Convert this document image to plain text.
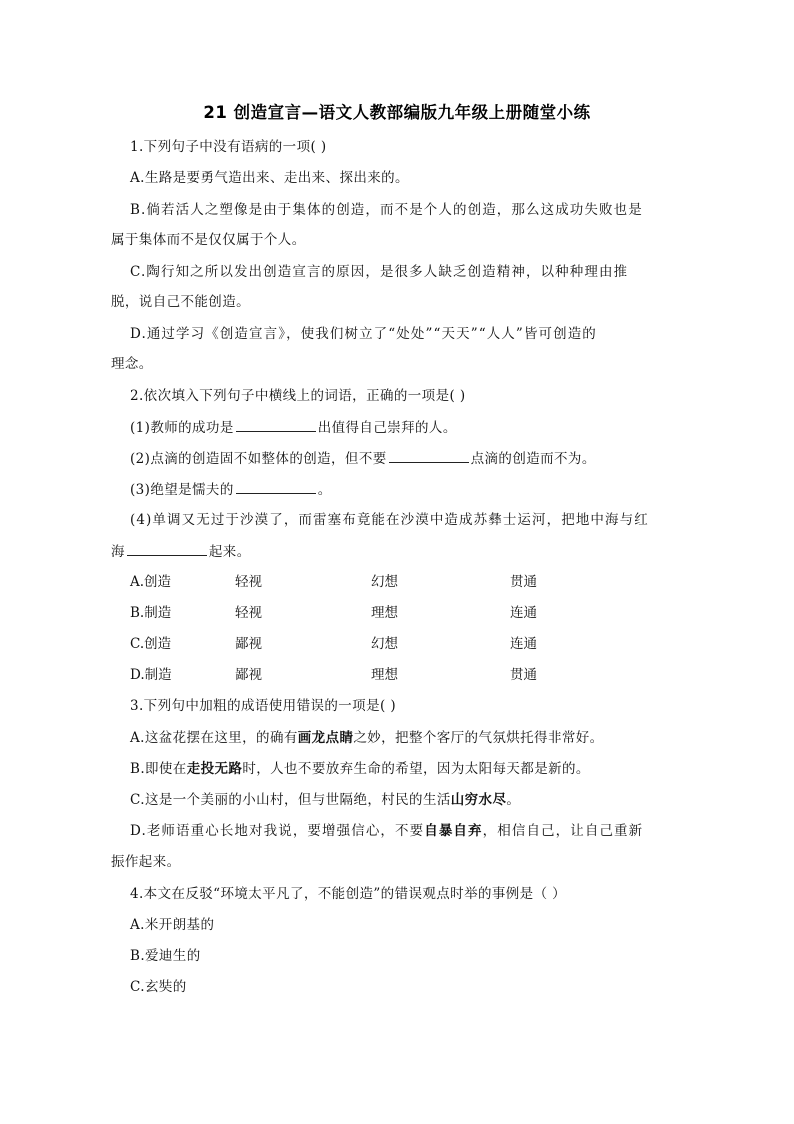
21 创造宣言—语文人教部编版九年级上册随堂小练
1.下列句子中没有语病的一项( )
A.生路是要勇气造出来、走出来、探出来的。
B.倘若活人之塑像是由于集体的创造，而不是个人的创造，那么这成功失败也是
属于集体而不是仅仅属于个人。
C.陶行知之所以发出创造宣言的原因，是很多人缺乏创造精神，以种种理由推
脱，说自己不能创造。
D.通过学习《创造宣言》，使我们树立了“处处”“天天”“人人”皆可创造的
理念。
2.依次填入下列句子中横线上的词语，正确的一项是( )
(1)教师的成功是	出值得自己崇拜的人。
(2)点滴的创造固不如整体的创造，但不要	点滴的创造而不为。
(3)绝望是懦夫的	。
(4)单调又无过于沙漠了，而雷塞布竟能在沙漠中造成苏彝士运河，把地中海与红
海	起来。
A.创造	轻视	幻想	贯通
B.制造	轻视	理想	连通
C.创造	鄙视	幻想	连通
D.制造	鄙视	理想	贯通
3.下列句中加粗的成语使用错误的一项是( )
A.这盆花摆在这里，的确有画龙点睛之妙，把整个客厅的气氛烘托得非常好。
B.即使在走投无路时，人也不要放弃生命的希望，因为太阳每天都是新的。
C.这是一个美丽的小山村，但与世隔绝，村民的生活山穷水尽。
D.老师语重心长地对我说，要增强信心，不要自暴自弃，相信自己，让自己重新
振作起来。
4.本文在反驳“环境太平凡了，不能创造”的错误观点时举的事例是（ ）
A.米开朗基的
B.爱迪生的
C.玄奘的
